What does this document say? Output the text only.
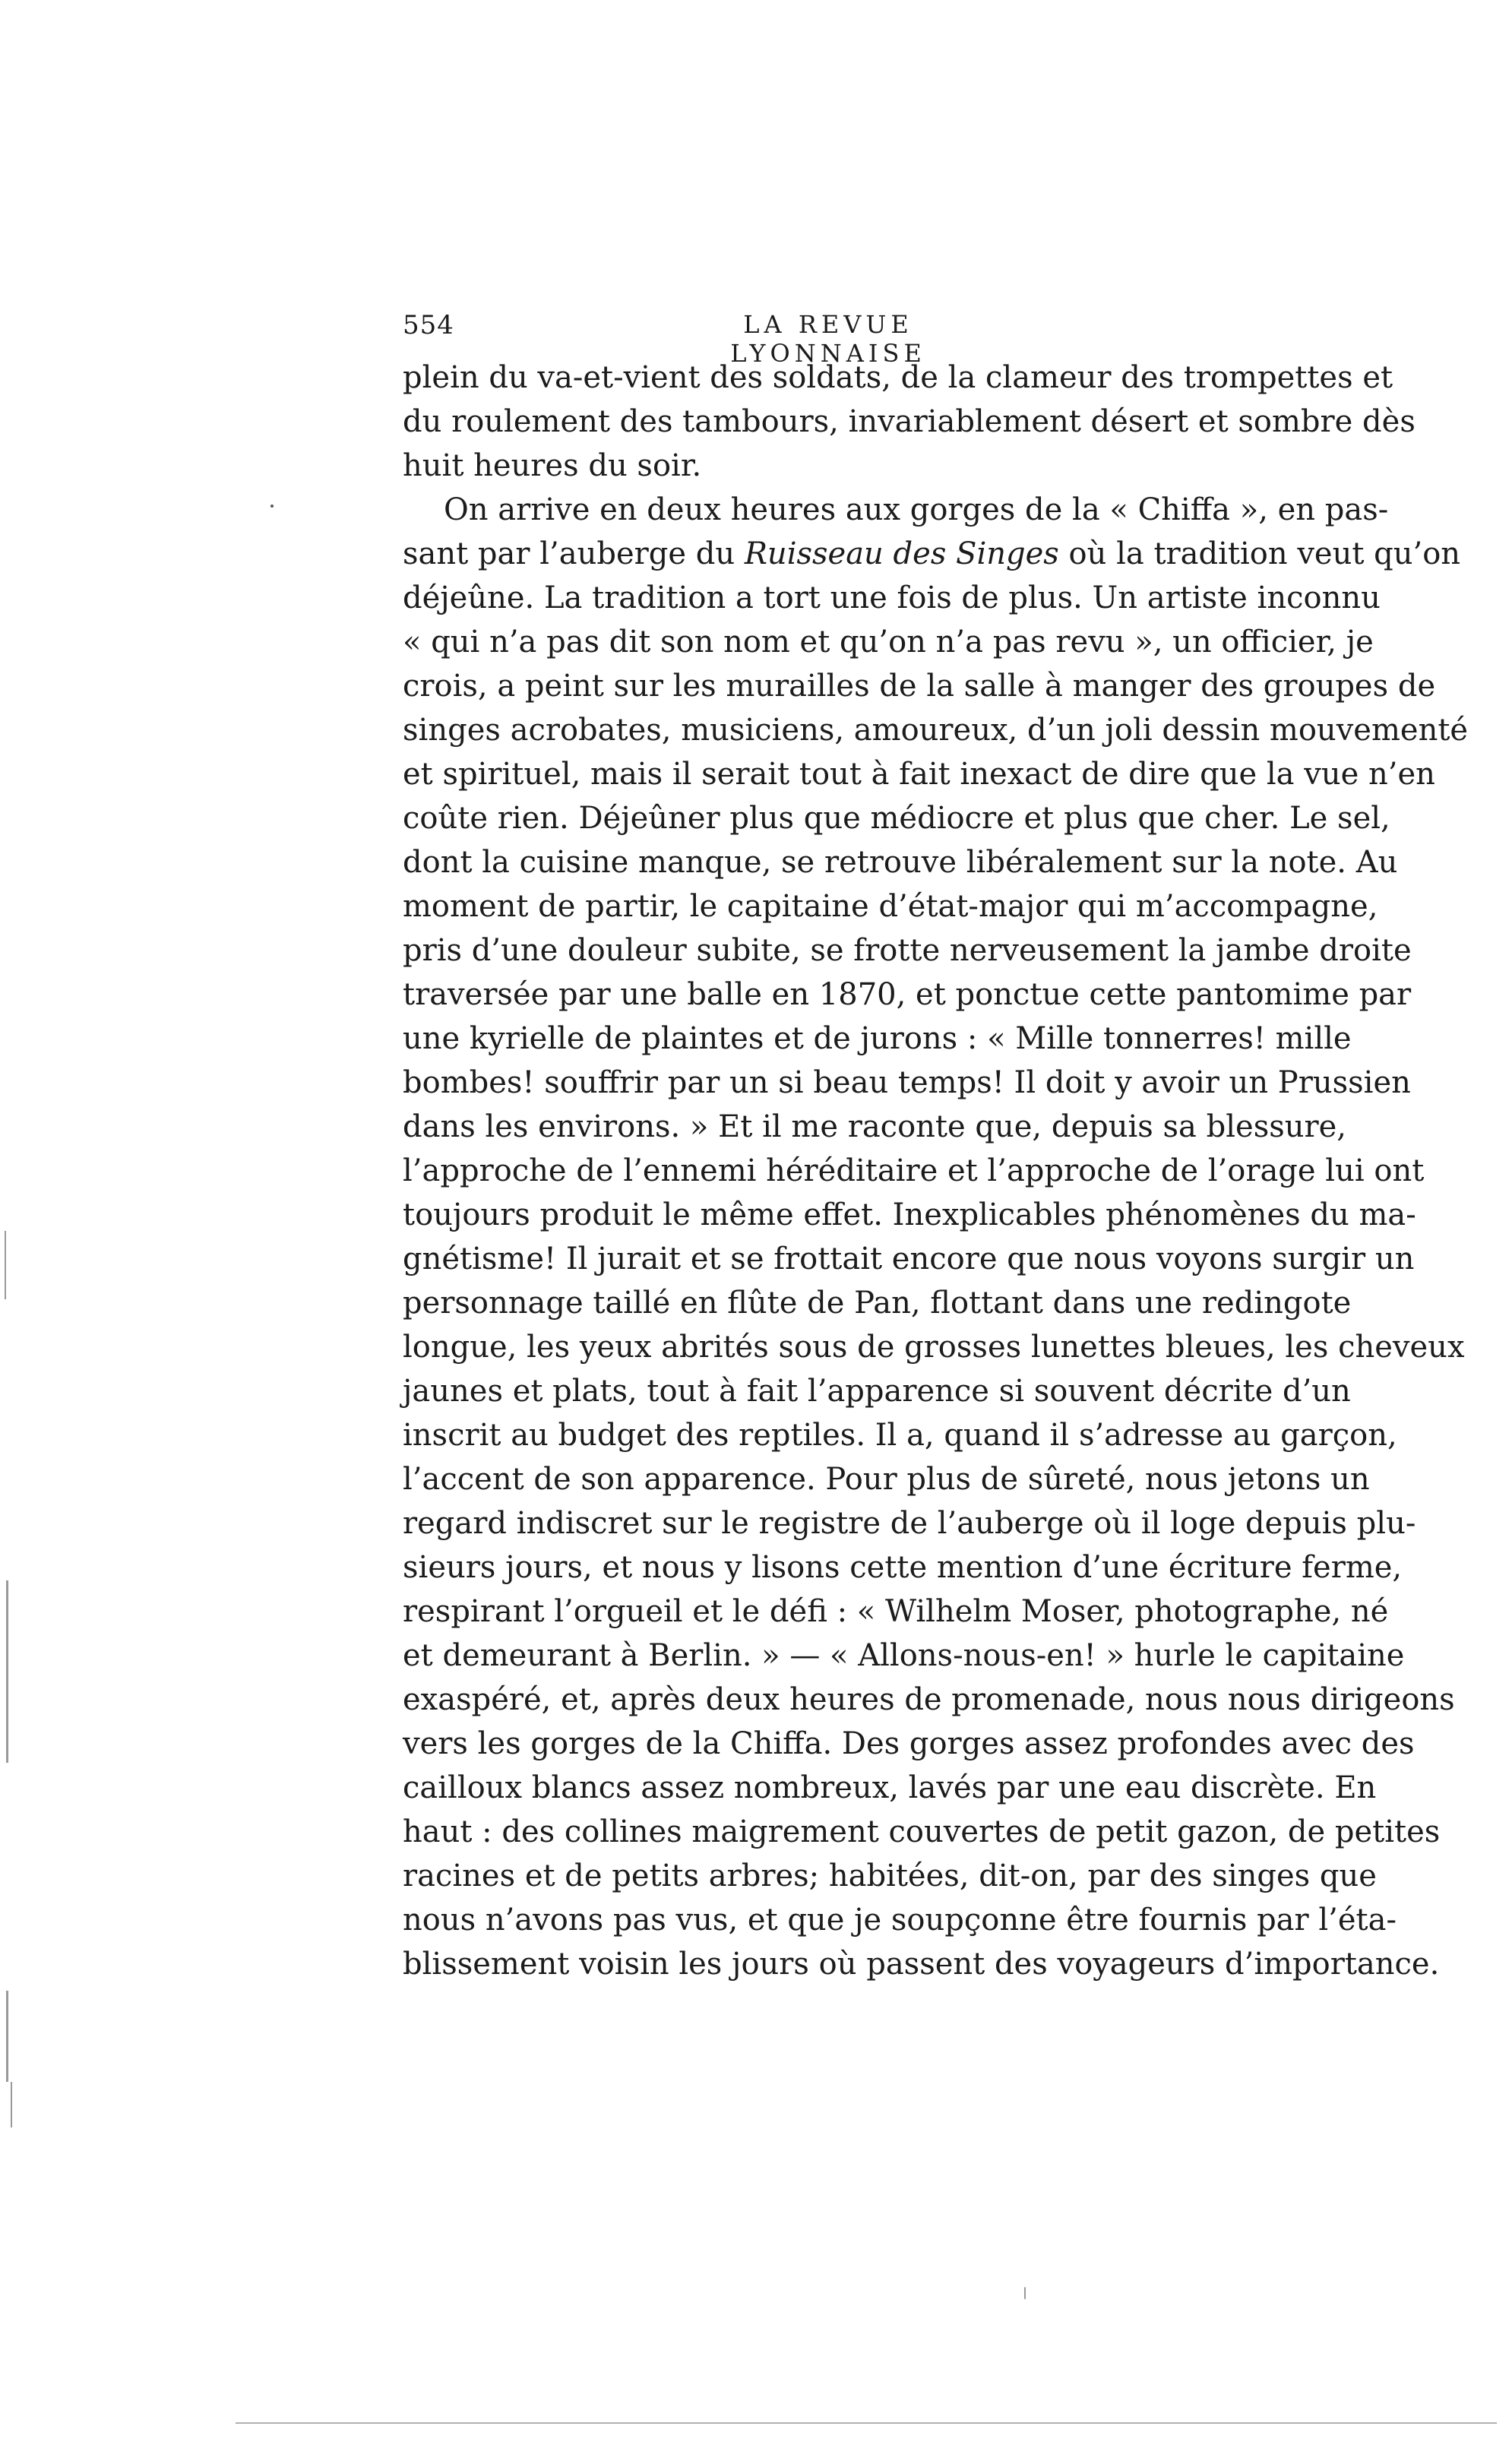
554	LA REVUE LYONNAISE
plein du va-et-vient des soldats, de la clameur des trompettes et
du roulement des tambours, invariablement désert et sombre dès
huit heures du soir.
On arrive en deux heures aux gorges de la « Chiffa », en pas-
sant par l’auberge du Ruisseau des Singes où la tradition veut qu’on
déjeûne. La tradition a tort une fois de plus. Un artiste inconnu
« qui n’a pas dit son nom et qu’on n’a pas revu », un officier, je
crois, a peint sur les murailles de la salle à manger des groupes de
singes acrobates, musiciens, amoureux, d’un joli dessin mouvementé
et spirituel, mais il serait tout à fait inexact de dire que la vue n’en
coûte rien. Déjeûner plus que médiocre et plus que cher. Le sel,
dont la cuisine manque, se retrouve libéralement sur la note. Au
moment de partir, le capitaine d’état-major qui m’accompagne,
pris d’une douleur subite, se frotte nerveusement la jambe droite
traversée par une balle en 1870, et ponctue cette pantomime par
une kyrielle de plaintes et de jurons : « Mille tonnerres! mille
bombes! souffrir par un si beau temps! Il doit y avoir un Prussien
dans les environs. » Et il me raconte que, depuis sa blessure,
l’approche de l’ennemi héréditaire et l’approche de l’orage lui ont
toujours produit le même effet. Inexplicables phénomènes du ma-
gnétisme! Il jurait et se frottait encore que nous voyons surgir un
personnage taillé en flûte de Pan, flottant dans une redingote
longue, les yeux abrités sous de grosses lunettes bleues, les cheveux
jaunes et plats, tout à fait l’apparence si souvent décrite d’un
inscrit au budget des reptiles. Il a, quand il s’adresse au garçon,
l’accent de son apparence. Pour plus de sûreté, nous jetons un
regard indiscret sur le registre de l’auberge où il loge depuis plu-
sieurs jours, et nous y lisons cette mention d’une écriture ferme,
respirant l’orgueil et le défi : « Wilhelm Moser, photographe, né
et demeurant à Berlin. » — « Allons-nous-en! » hurle le capitaine
exaspéré, et, après deux heures de promenade, nous nous dirigeons
vers les gorges de la Chiffa. Des gorges assez profondes avec des
cailloux blancs assez nombreux, lavés par une eau discrète. En
haut : des collines maigrement couvertes de petit gazon, de petites
racines et de petits arbres; habitées, dit-on, par des singes que
nous n’avons pas vus, et que je soupçonne être fournis par l’éta-
blissement voisin les jours où passent des voyageurs d’importance.
